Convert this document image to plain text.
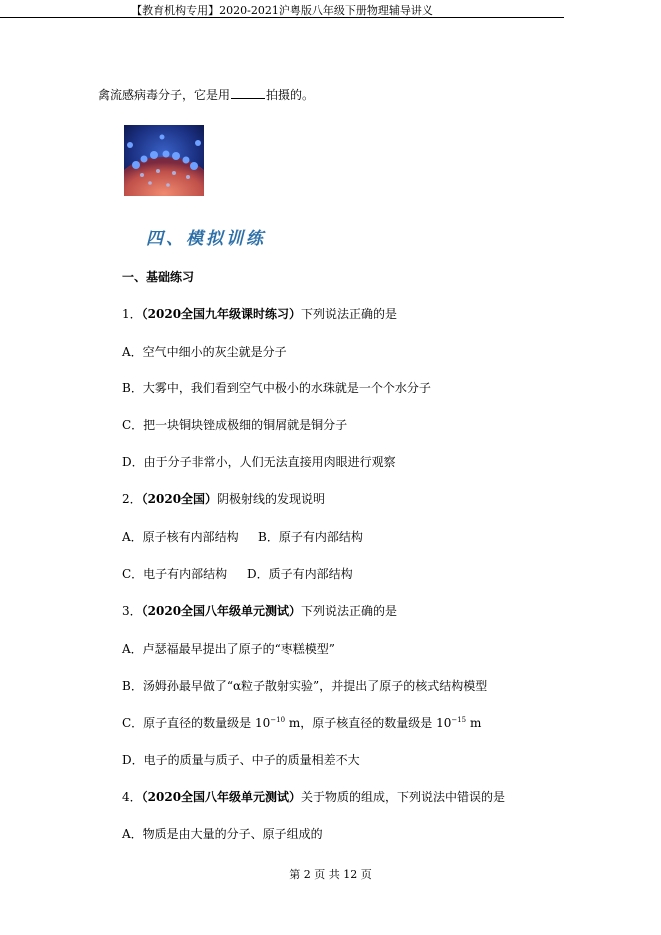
【教育机构专用】2020-2021沪粤版八年级下册物理辅导讲义
禽流感病毒分子，它是用	拍摄的。
四、模拟训练
一、基础练习
1．（2020全国九年级课时练习）下列说法正确的是
A．空气中细小的灰尘就是分子
B．大雾中，我们看到空气中极小的水珠就是一个个水分子
C．把一块铜块锉成极细的铜屑就是铜分子
D．由于分子非常小，人们无法直接用肉眼进行观察
2．（2020全国）阴极射线的发现说明
A．原子核有内部结构 B．原子有内部结构
C．电子有内部结构 D．质子有内部结构
3．（2020全国八年级单元测试）下列说法正确的是
A．卢瑟福最早提出了原子的“枣糕模型”
B．汤姆孙最早做了“α粒子散射实验”，并提出了原子的核式结构模型
C．原子直径的数量级是 $10^{-10}$ m，原子核直径的数量级是 $10^{-15}$ m
D．电子的质量与质子、中子的质量相差不大
4．（2020全国八年级单元测试）关于物质的组成，下列说法中错误的是
A．物质是由大量的分子、原子组成的
第 2 页 共 12 页
